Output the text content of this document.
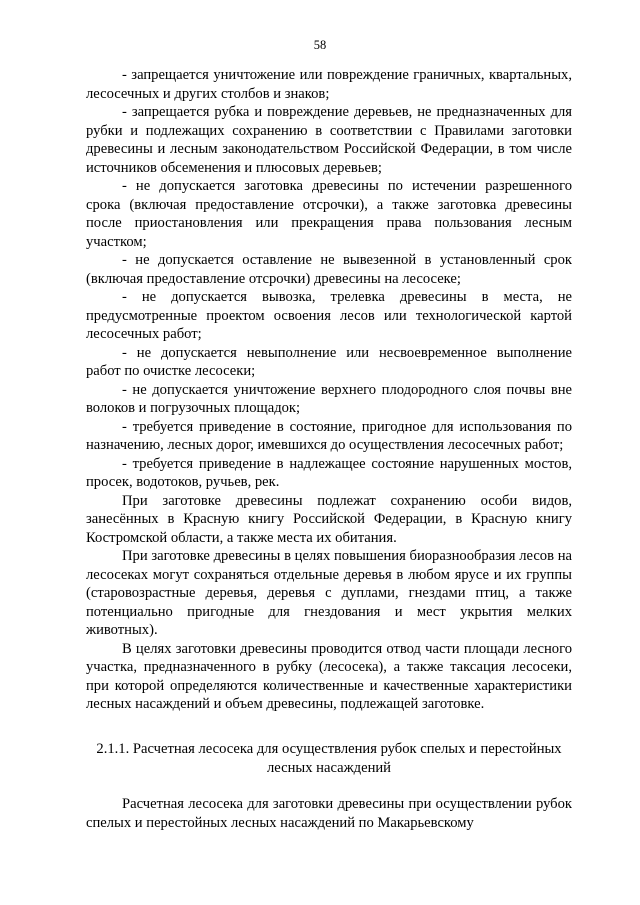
58

- запрещается уничтожение или повреждение граничных, квартальных, лесосечных и других столбов и знаков;

- запрещается рубка и повреждение деревьев, не предназначенных для рубки и подлежащих сохранению в соответствии с Правилами заготовки древесины и лесным законодательством Российской Федерации, в том числе источников обсеменения и плюсовых деревьев;

- не допускается заготовка древесины по истечении разрешенного срока (включая предоставление отсрочки), а также заготовка древесины после приостановления или прекращения права пользования лесным участком;

- не допускается оставление не вывезенной в установленный срок (включая предоставление отсрочки) древесины на лесосеке;

- не допускается вывозка, трелевка древесины в места, не предусмотренные проектом освоения лесов или технологической картой лесосечных работ;

- не допускается невыполнение или несвоевременное выполнение работ по очистке лесосеки;

- не допускается уничтожение верхнего плодородного слоя почвы вне волоков и погрузочных площадок;

- требуется приведение в состояние, пригодное для использования по назначению, лесных дорог, имевшихся до осуществления лесосечных работ;

- требуется приведение в надлежащее состояние нарушенных мостов, просек, водотоков, ручьев, рек.

При заготовке древесины подлежат сохранению особи видов, занесённых в Красную книгу Российской Федерации, в Красную книгу Костромской области, а также места их обитания.

При заготовке древесины в целях повышения биоразнообразия лесов на лесосеках могут сохраняться отдельные деревья в любом ярусе и их группы (старовозрастные деревья, деревья с дуплами, гнездами птиц, а также потенциально пригодные для гнездования и мест укрытия мелких животных).

В целях заготовки древесины проводится отвод части площади лесного участка, предназначенного в рубку (лесосека), а также таксация лесосеки, при которой определяются количественные и качественные характеристики лесных насаждений и объем древесины, подлежащей заготовке.

2.1.1. Расчетная лесосека для осуществления рубок спелых и перестойных лесных насаждений

Расчетная лесосека для заготовки древесины при осуществлении рубок спелых и перестойных лесных насаждений по Макарьевскому
